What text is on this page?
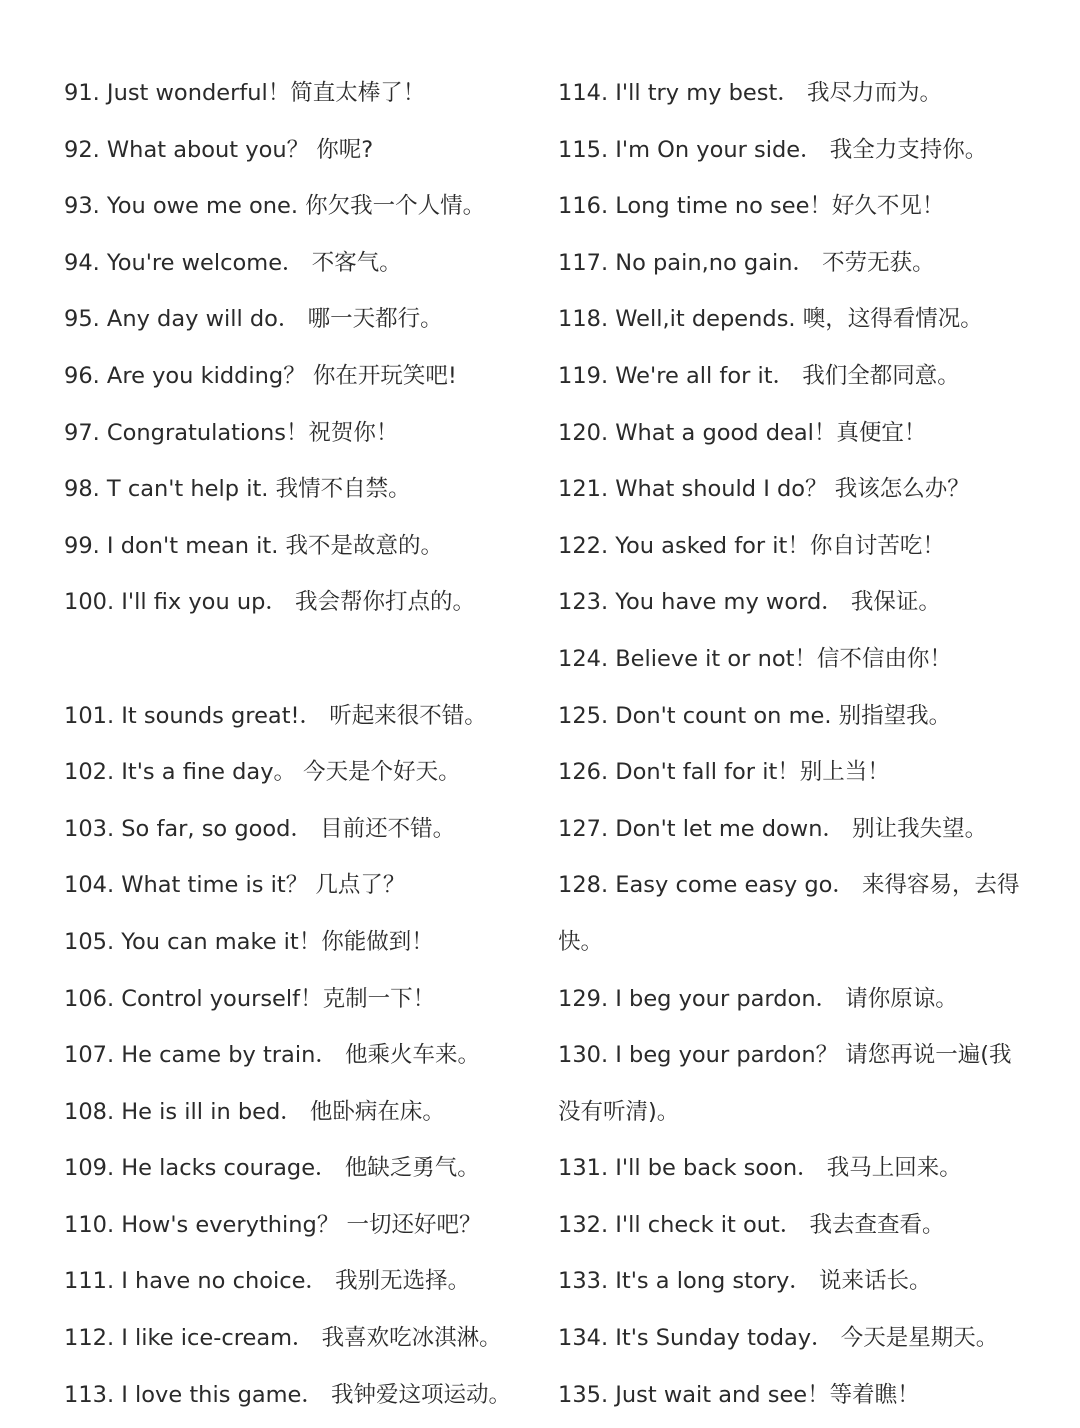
91. Just wonderful！简直太棒了！
92. What about you？ 你呢?
93. You owe me one. 你欠我一个人情。
94. You're welcome． 不客气。
95. Any day will do． 哪一天都行。
96. Are you kidding？ 你在开玩笑吧!
97. Congratulations！祝贺你！
98. T can't help it. 我情不自禁。
99. I don't mean it. 我不是故意的。
100. I'll fix you up． 我会帮你打点的。
101. It sounds great!． 听起来很不错。
102. It's a fine day。 今天是个好天。
103. So far, so good． 目前还不错。
104. What time is it？ 几点了？
105. You can make it！你能做到！
106. Control yourself！克制一下！
107. He came by train． 他乘火车来。
108. He is ill in bed． 他卧病在床。
109. He lacks courage． 他缺乏勇气。
110. How's everything？ 一切还好吧？
111. I have no choice． 我别无选择。
112. I like ice-cream． 我喜欢吃冰淇淋。
113. I love this game． 我钟爱这项运动。
114. I'll try my best． 我尽力而为。
115. I'm On your side． 我全力支持你。
116. Long time no see！好久不见！
117. No pain,no gain． 不劳无获。
118. Well,it depends. 噢，这得看情况。
119. We're all for it． 我们全都同意。
120. What a good deal！真便宜！
121. What should I do？ 我该怎么办？
122. You asked for it！你自讨苦吃！
123. You have my word． 我保证。
124. Believe it or not！信不信由你！
125. Don't count on me. 别指望我。
126. Don't fall for it！别上当！
127. Don't let me down． 别让我失望。
128. Easy come easy go． 来得容易，去得
快。
129. I beg your pardon． 请你原谅。
130. I beg your pardon？ 请您再说一遍(我
没有听清)。
131. I'll be back soon． 我马上回来。
132. I'll check it out． 我去查查看。
133. It's a long story． 说来话长。
134. It's Sunday today． 今天是星期天。
135. Just wait and see！等着瞧！
